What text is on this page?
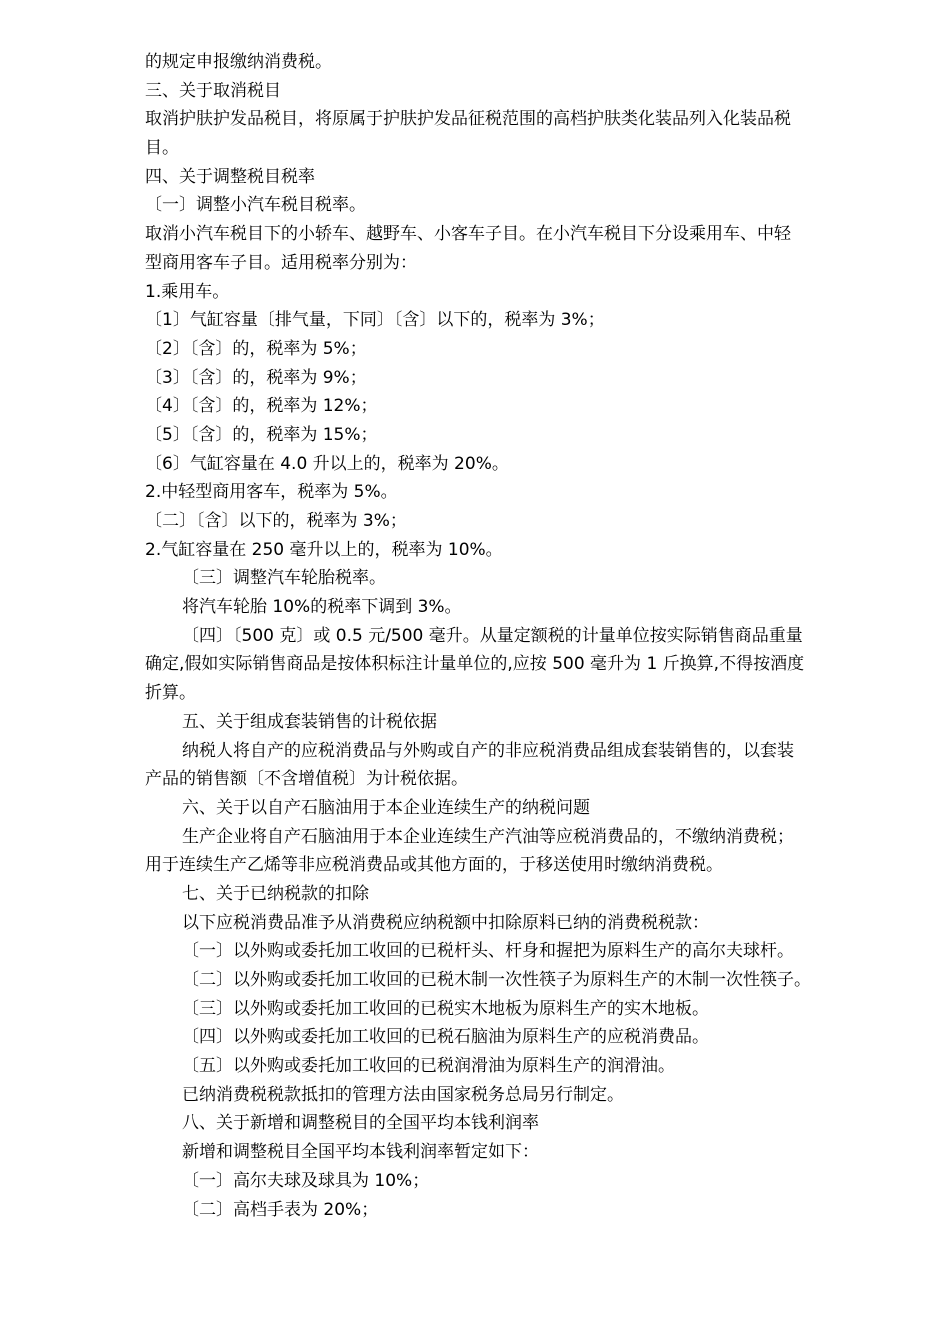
的规定申报缴纳消费税。
三、关于取消税目
取消护肤护发品税目，将原属于护肤护发品征税范围的高档护肤类化装品列入化装品税
目。
四、关于调整税目税率
〔一〕调整小汽车税目税率。
取消小汽车税目下的小轿车、越野车、小客车子目。在小汽车税目下分设乘用车、中轻
型商用客车子目。适用税率分别为：
1.乘用车。
〔1〕气缸容量〔排气量，下同〕〔含〕以下的，税率为 3%；
〔2〕〔含〕的，税率为 5%；
〔3〕〔含〕的，税率为 9%；
〔4〕〔含〕的，税率为 12%；
〔5〕〔含〕的，税率为 15%；
〔6〕气缸容量在 4.0 升以上的，税率为 20%。
2.中轻型商用客车，税率为 5%。
〔二〕〔含〕以下的，税率为 3%；
2.气缸容量在 250 毫升以上的，税率为 10%。
〔三〕调整汽车轮胎税率。
将汽车轮胎 10%的税率下调到 3%。
〔四〕〔500 克〕或 0.5 元/500 毫升。从量定额税的计量单位按实际销售商品重量
确定,假如实际销售商品是按体积标注计量单位的,应按 500 毫升为 1 斤换算,不得按酒度
折算。
五、关于组成套装销售的计税依据
纳税人将自产的应税消费品与外购或自产的非应税消费品组成套装销售的，以套装
产品的销售额〔不含增值税〕为计税依据。
六、关于以自产石脑油用于本企业连续生产的纳税问题
生产企业将自产石脑油用于本企业连续生产汽油等应税消费品的，不缴纳消费税；
用于连续生产乙烯等非应税消费品或其他方面的，于移送使用时缴纳消费税。
七、关于已纳税款的扣除
以下应税消费品准予从消费税应纳税额中扣除原料已纳的消费税税款：
〔一〕以外购或委托加工收回的已税杆头、杆身和握把为原料生产的高尔夫球杆。
〔二〕以外购或委托加工收回的已税木制一次性筷子为原料生产的木制一次性筷子。
〔三〕以外购或委托加工收回的已税实木地板为原料生产的实木地板。
〔四〕以外购或委托加工收回的已税石脑油为原料生产的应税消费品。
〔五〕以外购或委托加工收回的已税润滑油为原料生产的润滑油。
已纳消费税税款抵扣的管理方法由国家税务总局另行制定。
八、关于新增和调整税目的全国平均本钱利润率
新增和调整税目全国平均本钱利润率暂定如下：
〔一〕高尔夫球及球具为 10%；
〔二〕高档手表为 20%；
